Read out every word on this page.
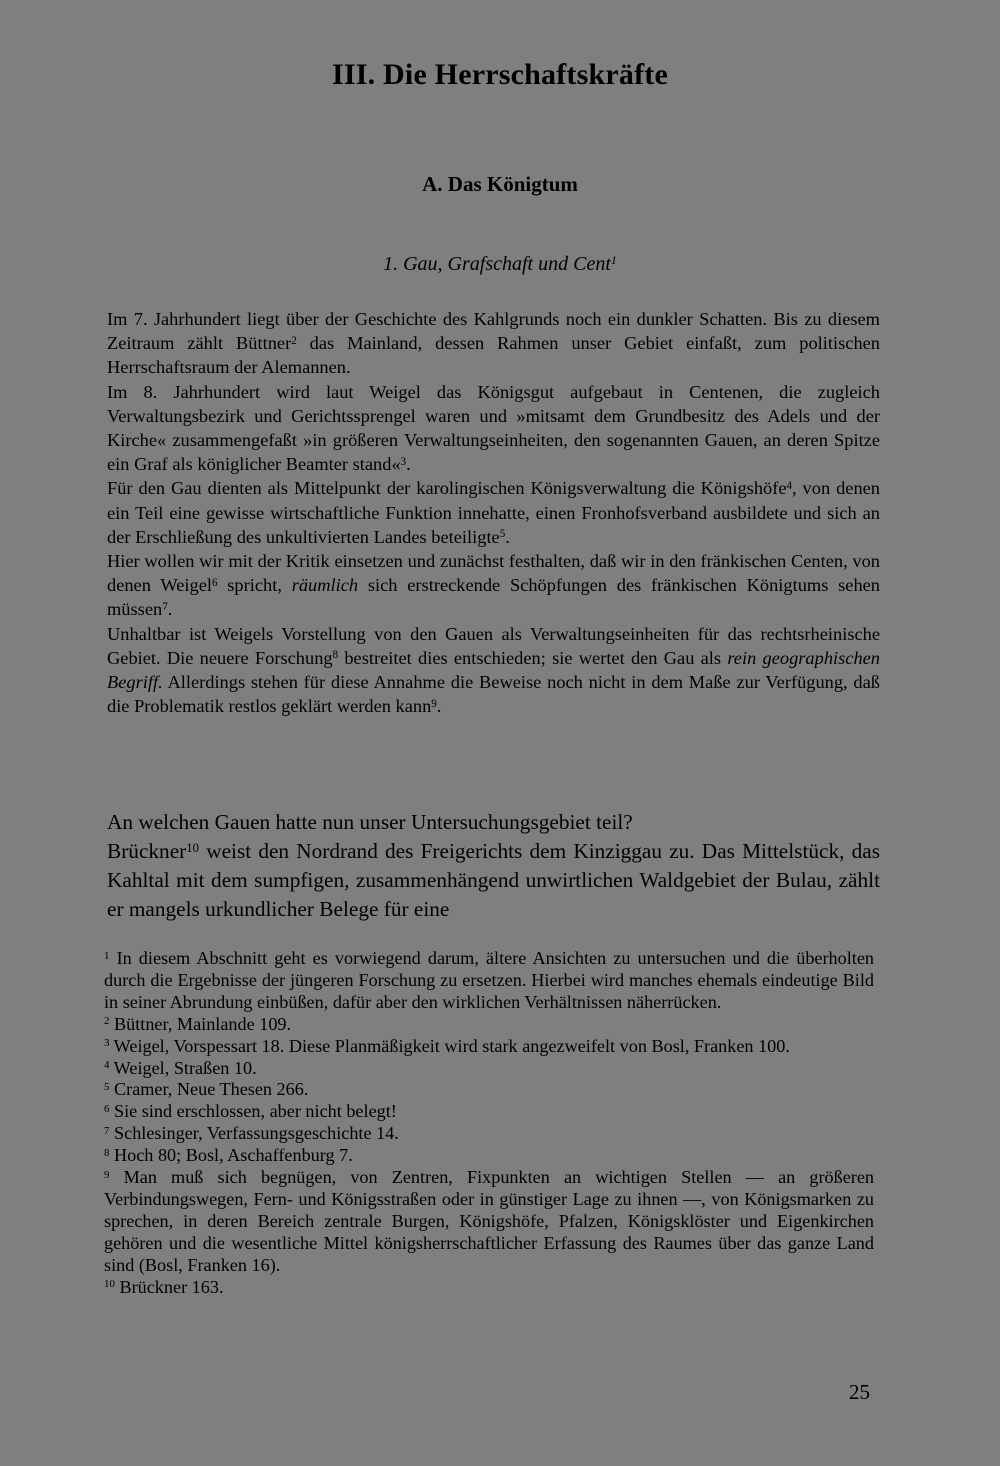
III. Die Herrschaftskräfte
A. Das Königtum
1. Gau, Grafschaft und Cent$^1$

Im 7. Jahrhundert liegt über der Geschichte des Kahlgrunds noch ein dunkler Schatten. Bis zu diesem Zeitraum zählt Büttner$^2$ das Mainland, dessen Rahmen unser Gebiet einfaßt, zum politischen Herrschaftsraum der Alemannen.

Im 8. Jahrhundert wird laut Weigel das Königsgut aufgebaut in Centenen, die zugleich Verwaltungsbezirk und Gerichtssprengel waren und »mitsamt dem Grundbesitz des Adels und der Kirche« zusammengefaßt »in größeren Verwaltungseinheiten, den sogenannten Gauen, an deren Spitze ein Graf als königlicher Beamter stand«$^3$.

Für den Gau dienten als Mittelpunkt der karolingischen Königsverwaltung die Königshöfe$^4$, von denen ein Teil eine gewisse wirtschaftliche Funktion innehatte, einen Fronhofsverband ausbildete und sich an der Erschließung des unkultivierten Landes beteiligte$^5$.

Hier wollen wir mit der Kritik einsetzen und zunächst festhalten, daß wir in den fränkischen Centen, von denen Weigel$^6$ spricht, räumlich sich erstreckende Schöpfungen des fränkischen Königtums sehen müssen$^7$.

Unhaltbar ist Weigels Vorstellung von den Gauen als Verwaltungseinheiten für das rechtsrheinische Gebiet. Die neuere Forschung$^8$ bestreitet dies entschieden; sie wertet den Gau als rein geographischen Begriff. Allerdings stehen für diese Annahme die Beweise noch nicht in dem Maße zur Verfügung, daß die Problematik restlos geklärt werden kann$^9$.

An welchen Gauen hatte nun unser Untersuchungsgebiet teil?

Brückner$^{10}$ weist den Nordrand des Freigerichts dem Kinziggau zu. Das Mittelstück, das Kahltal mit dem sumpfigen, zusammenhängend unwirtlichen Waldgebiet der Bulau, zählt er mangels urkundlicher Belege für eine

$^1$ In diesem Abschnitt geht es vorwiegend darum, ältere Ansichten zu untersuchen und die überholten durch die Ergebnisse der jüngeren Forschung zu ersetzen. Hierbei wird manches ehemals eindeutige Bild in seiner Abrundung einbüßen, dafür aber den wirklichen Verhältnissen näherrücken.

$^2$ Büttner, Mainlande 109.

$^3$ Weigel, Vorspessart 18. Diese Planmäßigkeit wird stark angezweifelt von Bosl, Franken 100.

$^4$ Weigel, Straßen 10.

$^5$ Cramer, Neue Thesen 266.

$^6$ Sie sind erschlossen, aber nicht belegt!

$^7$ Schlesinger, Verfassungsgeschichte 14.

$^8$ Hoch 80; Bosl, Aschaffenburg 7.

$^9$ Man muß sich begnügen, von Zentren, Fixpunkten an wichtigen Stellen — an größeren Verbindungswegen, Fern- und Königsstraßen oder in günstiger Lage zu ihnen —, von Königsmarken zu sprechen, in deren Bereich zentrale Burgen, Königshöfe, Pfalzen, Königsklöster und Eigenkirchen gehören und die wesentliche Mittel königsherrschaftlicher Erfassung des Raumes über das ganze Land sind (Bosl, Franken 16).

$^{10}$ Brückner 163.

25
